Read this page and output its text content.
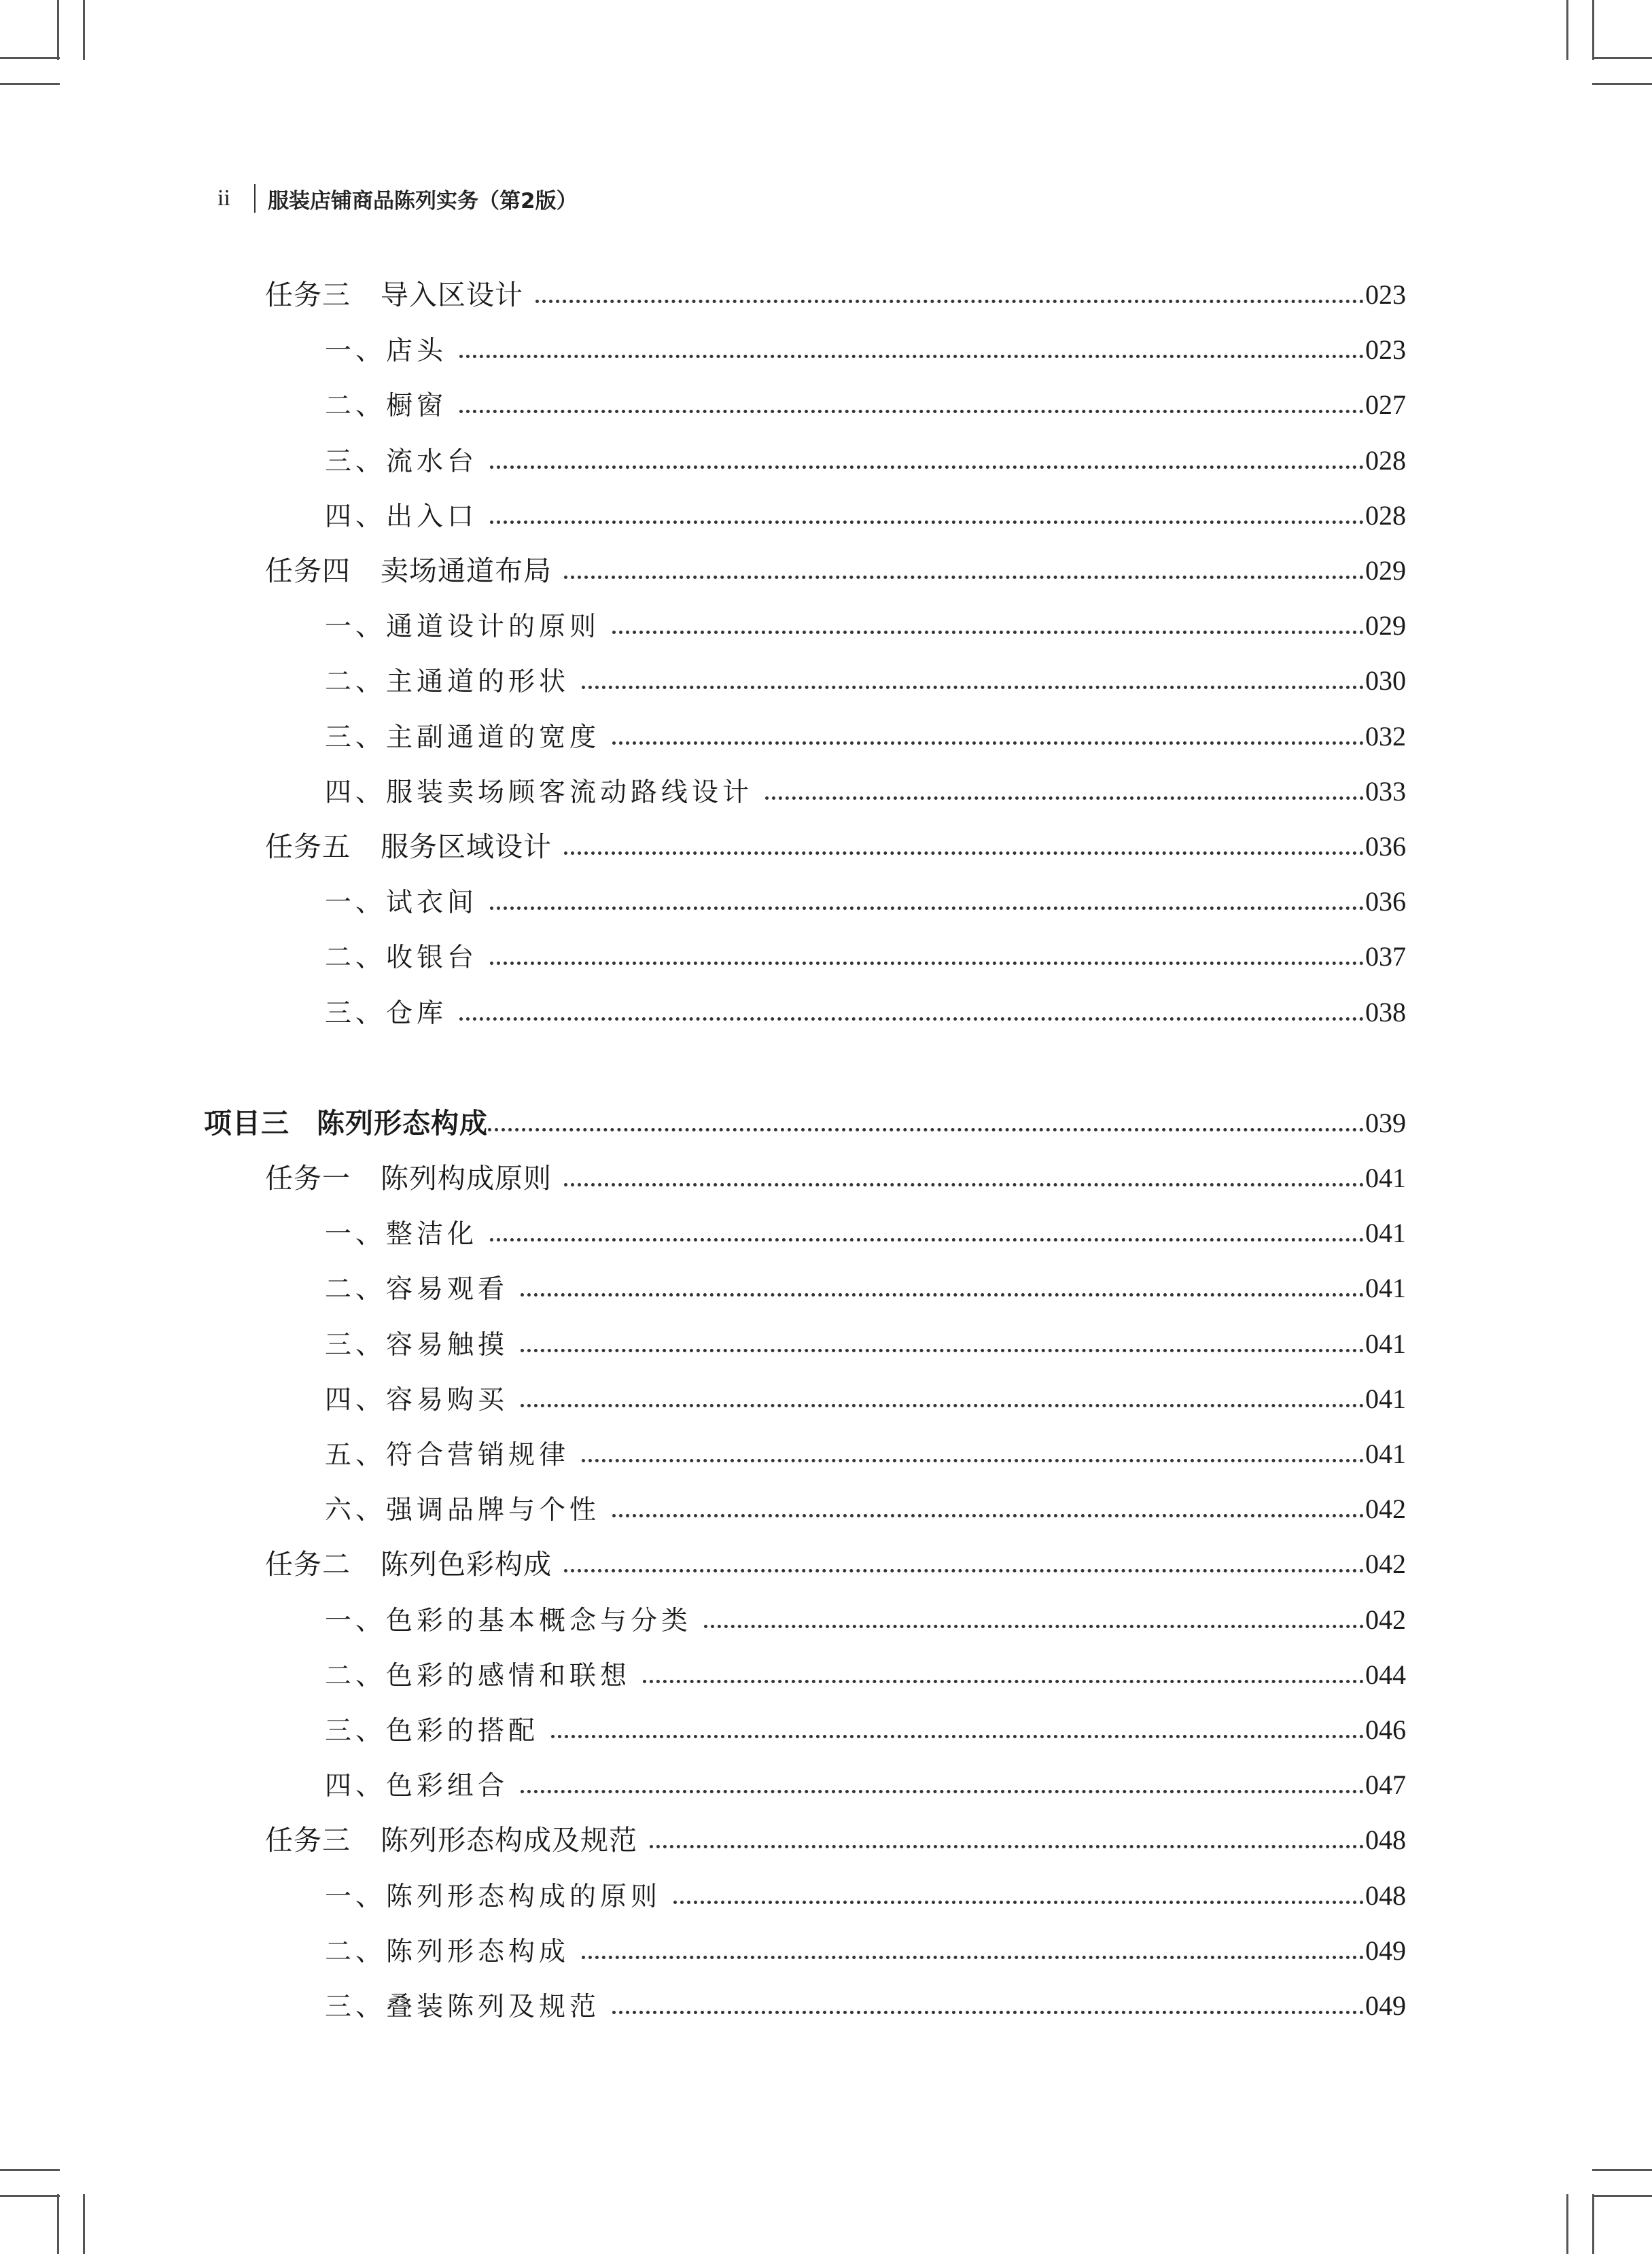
ii	服装店铺商品陈列实务（第2版）
任务三 导入区设计	023
一、店头	023
二、橱窗	027
三、流水台	028
四、出入口	028
任务四 卖场通道布局	029
一、通道设计的原则	029
二、主通道的形状	030
三、主副通道的宽度	032
四、服装卖场顾客流动路线设计	033
任务五 服务区域设计	036
一、试衣间	036
二、收银台	037
三、仓库	038
项目三 陈列形态构成	039
任务一 陈列构成原则	041
一、整洁化	041
二、容易观看	041
三、容易触摸	041
四、容易购买	041
五、符合营销规律	041
六、强调品牌与个性	042
任务二 陈列色彩构成	042
一、色彩的基本概念与分类	042
二、色彩的感情和联想	044
三、色彩的搭配	046
四、色彩组合	047
任务三 陈列形态构成及规范	048
一、陈列形态构成的原则	048
二、陈列形态构成	049
三、叠装陈列及规范	049
